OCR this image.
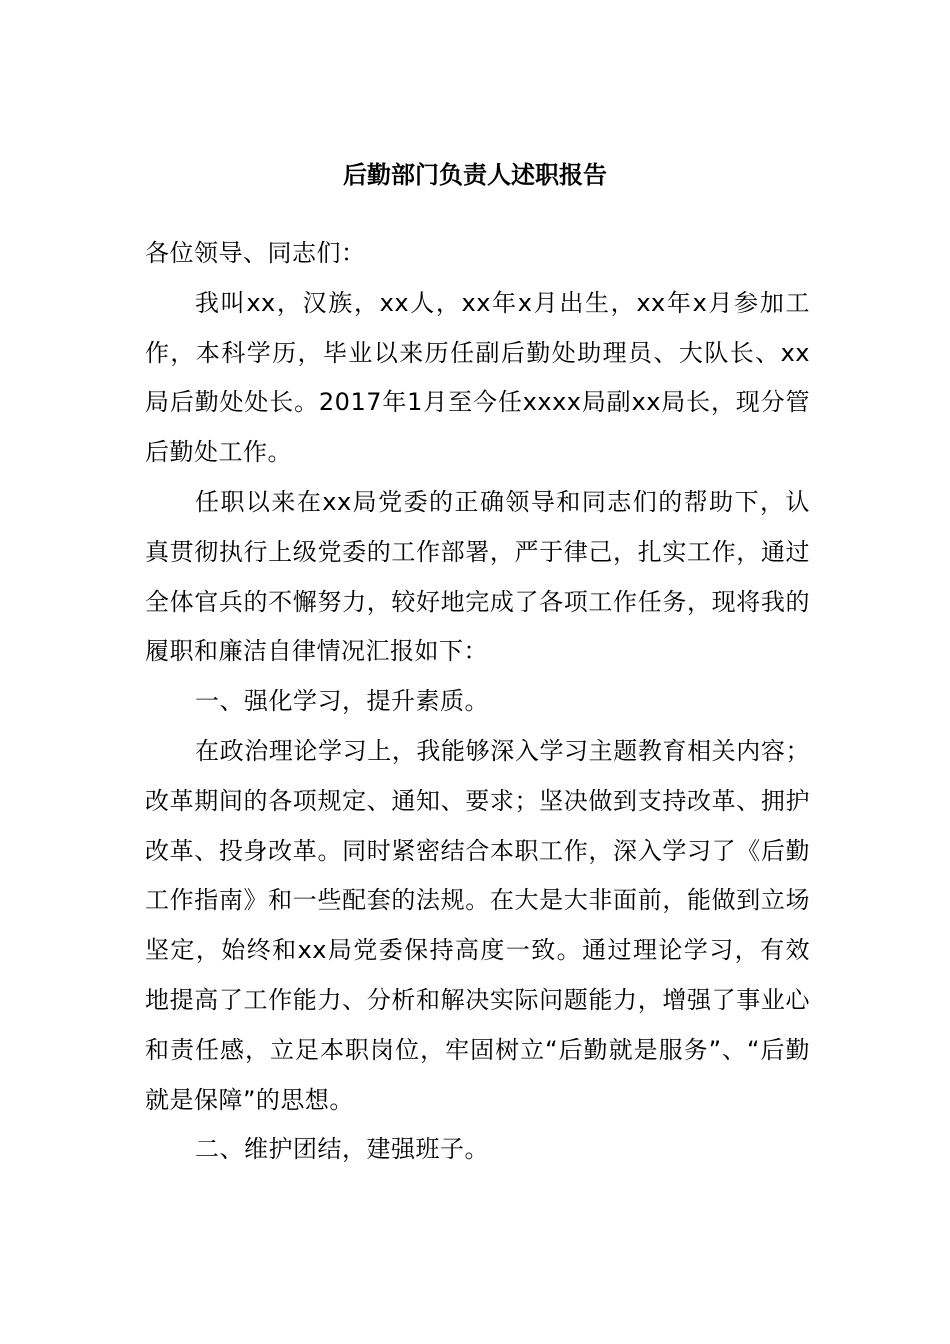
后勤部门负责人述职报告

各位领导、同志们：

我叫xx，汉族，xx人，xx年x月出生，xx年x月参加工作，本科学历，毕业以来历任副后勤处助理员、大队长、xx局后勤处处长。2017年1月至今任xxxx局副xx局长，现分管后勤处工作。

任职以来在xx局党委的正确领导和同志们的帮助下，认真贯彻执行上级党委的工作部署，严于律己，扎实工作，通过全体官兵的不懈努力，较好地完成了各项工作任务，现将我的履职和廉洁自律情况汇报如下：

一、强化学习，提升素质。

在政治理论学习上，我能够深入学习主题教育相关内容；改革期间的各项规定、通知、要求；坚决做到支持改革、拥护改革、投身改革。同时紧密结合本职工作，深入学习了《后勤工作指南》和一些配套的法规。在大是大非面前，能做到立场坚定，始终和xx局党委保持高度一致。通过理论学习，有效地提高了工作能力、分析和解决实际问题能力，增强了事业心和责任感，立足本职岗位，牢固树立“后勤就是服务”、“后勤就是保障”的思想。

二、维护团结，建强班子。
